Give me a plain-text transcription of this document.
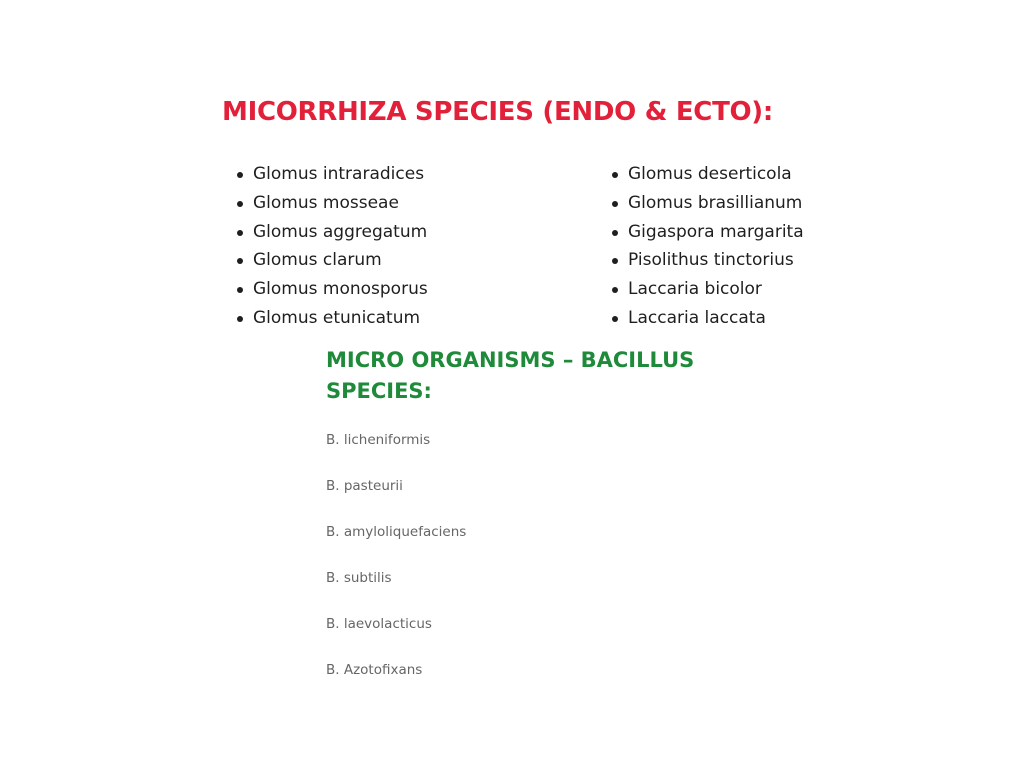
MICORRHIZA SPECIES (ENDO & ECTO):
Glomus intraradices
Glomus mosseae
Glomus aggregatum
Glomus clarum
Glomus monosporus
Glomus etunicatum
Glomus deserticola
Glomus brasillianum
Gigaspora margarita
Pisolithus tinctorius
Laccaria bicolor
Laccaria laccata
MICRO ORGANISMS – BACILLUS
SPECIES:
B. licheniformis
B. pasteurii
B. amyloliquefaciens
B. subtilis
B. laevolacticus
B. Azotofixans
